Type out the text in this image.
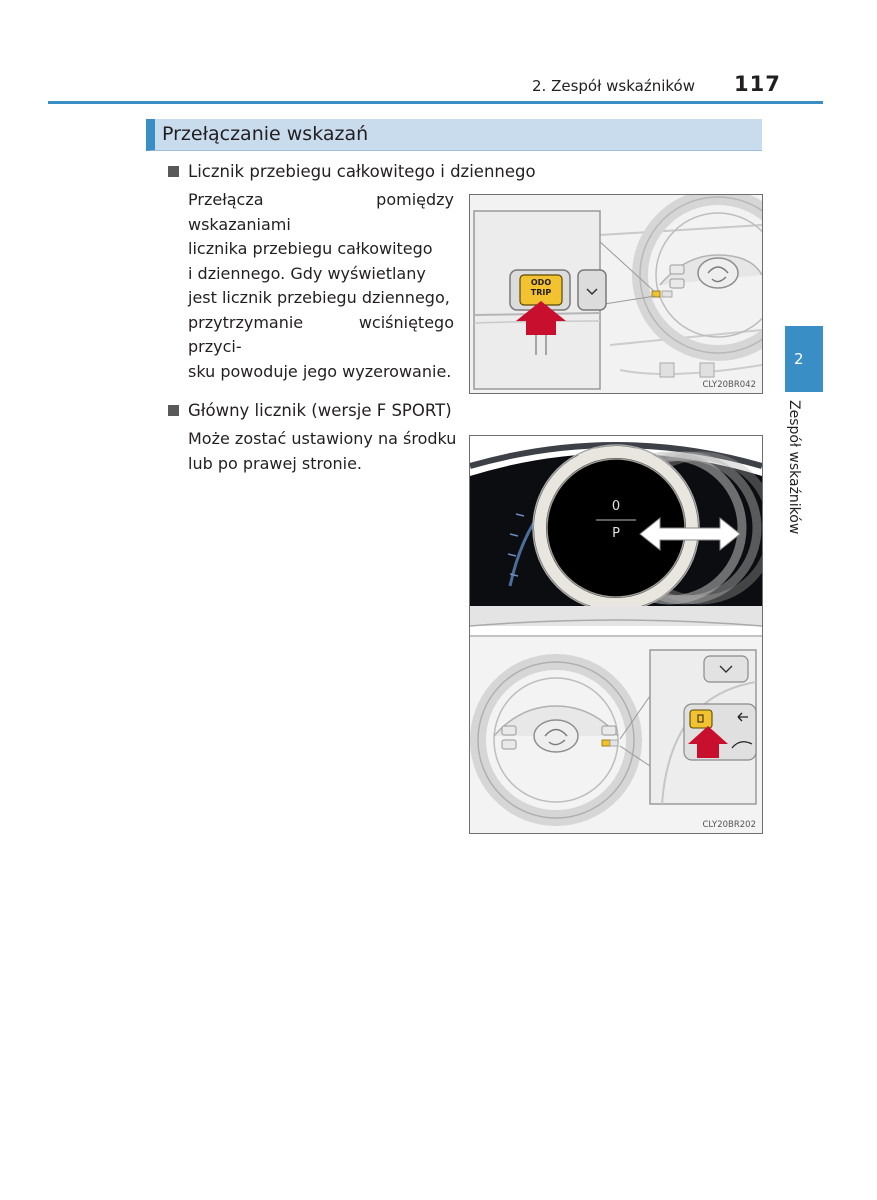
2. Zespół wskaźników 117
Przełączanie wskazań
Licznik przebiegu całkowitego i dziennego
Przełącza pomiędzy wskazaniami
licznika przebiegu całkowitego
i dziennego. Gdy wyświetlany
jest licznik przebiegu dziennego,
przytrzymanie wciśniętego przyci-
sku powoduje jego wyzerowanie.
ODO
TRIP
CLY20BR042
Główny licznik (wersje F SPORT)
Może zostać ustawiony na środku
lub po prawej stronie.
0
P
CLY20BR202
2
Zespół wskaźników
